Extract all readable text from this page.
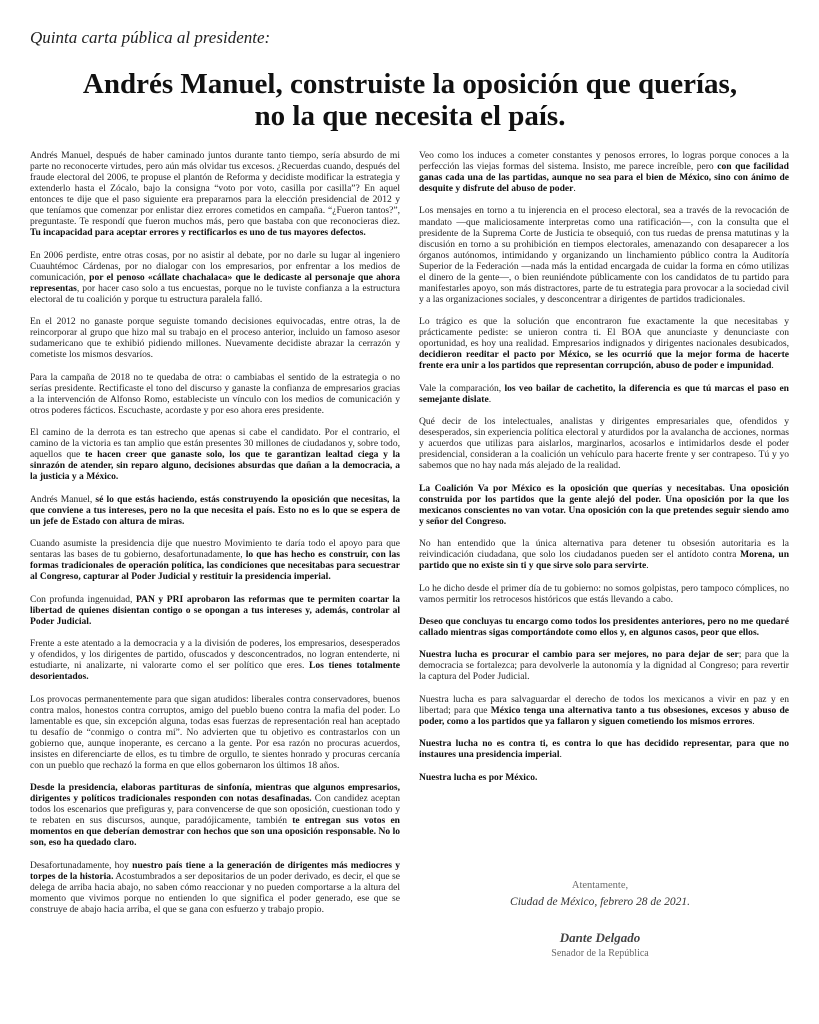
Quinta carta pública al presidente:
Andrés Manuel, construiste la oposición que querías,
no la que necesita el país.

Andrés Manuel, después de haber caminado juntos durante tanto tiempo, sería absurdo de mi parte no reconocerte virtudes, pero aún más olvidar tus excesos. ¿Recuerdas cuando, después del fraude electoral del 2006, te propuse el plantón de Reforma y decidiste modificar la estrategia y extenderlo hasta el Zócalo, bajo la consigna “voto por voto, casilla por casilla”? En aquel entonces te dije que el paso siguiente era prepararnos para la elección presidencial de 2012 y que teníamos que comenzar por enlistar diez errores cometidos en campaña. “¿Fueron tantos?”, preguntaste. Te respondí que fueron muchos más, pero que bastaba con que reconocieras diez. Tu incapacidad para aceptar errores y rectificarlos es uno de tus mayores defectos.

En 2006 perdiste, entre otras cosas, por no asistir al debate, por no darle su lugar al ingeniero Cuauhtémoc Cárdenas, por no dialogar con los empresarios, por enfrentar a los medios de comunicación, por el penoso «cállate chachalaca» que le dedicaste al personaje que ahora representas, por hacer caso solo a tus encuestas, porque no le tuviste confianza a la estructura electoral de tu coalición y porque tu estructura paralela falló.

En el 2012 no ganaste porque seguiste tomando decisiones equivocadas, entre otras, la de reincorporar al grupo que hizo mal su trabajo en el proceso anterior, incluido un famoso asesor sudamericano que te exhibió pidiendo millones. Nuevamente decidiste abrazar la cerrazón y cometiste los mismos desvaríos.

Para la campaña de 2018 no te quedaba de otra: o cambiabas el sentido de la estrategia o no serías presidente. Rectificaste el tono del discurso y ganaste la confianza de empresarios gracias a la intervención de Alfonso Romo, estableciste un vínculo con los medios de comunicación y otros poderes fácticos. Escuchaste, acordaste y por eso ahora eres presidente.

El camino de la derrota es tan estrecho que apenas si cabe el candidato. Por el contrario, el camino de la victoria es tan amplio que están presentes 30 millones de ciudadanos y, sobre todo, aquellos que te hacen creer que ganaste solo, los que te garantizan lealtad ciega y la sinrazón de atender, sin reparo alguno, decisiones absurdas que dañan a la democracia, a la justicia y a México.

Andrés Manuel, sé lo que estás haciendo, estás construyendo la oposición que necesitas, la que conviene a tus intereses, pero no la que necesita el país. Esto no es lo que se espera de un jefe de Estado con altura de miras.

Cuando asumiste la presidencia dije que nuestro Movimiento te daría todo el apoyo para que sentaras las bases de tu gobierno, desafortunadamente, lo que has hecho es construir, con las formas tradicionales de operación política, las condiciones que necesitabas para secuestrar al Congreso, capturar al Poder Judicial y restituir la presidencia imperial.

Con profunda ingenuidad, PAN y PRI aprobaron las reformas que te permiten coartar la libertad de quienes disientan contigo o se opongan a tus intereses y, además, controlar al Poder Judicial.

Frente a este atentado a la democracia y a la división de poderes, los empresarios, desesperados y ofendidos, y los dirigentes de partido, ofuscados y desconcentrados, no logran entenderte, ni estudiarte, ni analizarte, ni valorarte como el ser político que eres. Los tienes totalmente desorientados.

Los provocas permanentemente para que sigan atudidos: liberales contra conservadores, buenos contra malos, honestos contra corruptos, amigo del pueblo bueno contra la mafia del poder. Lo lamentable es que, sin excepción alguna, todas esas fuerzas de representación real han aceptado tu desafío de “conmigo o contra mí”. No advierten que tu objetivo es contrastarlos con un gobierno que, aunque inoperante, es cercano a la gente. Por esa razón no procuras acuerdos, insistes en diferenciarte de ellos, es tu timbre de orgullo, te sientes honrado y procuras cercanía con un pueblo que rechazó la forma en que ellos gobernaron los últimos 18 años.

Desde la presidencia, elaboras partituras de sinfonía, mientras que algunos empresarios, dirigentes y políticos tradicionales responden con notas desafinadas. Con candidez aceptan todos los escenarios que prefiguras y, para convencerse de que son oposición, cuestionan todo y te rebaten en sus discursos, aunque, paradójicamente, también te entregan sus votos en momentos en que deberían demostrar con hechos que son una oposición responsable. No lo son, eso ha quedado claro.

Desafortunadamente, hoy nuestro país tiene a la generación de dirigentes más mediocres y torpes de la historia. Acostumbrados a ser depositarios de un poder derivado, es decir, el que se delega de arriba hacia abajo, no saben cómo reaccionar y no pueden comportarse a la altura del momento que vivimos porque no entienden lo que significa el poder generado, ese que se construye de abajo hacia arriba, el que se gana con esfuerzo y trabajo propio.

Veo como los induces a cometer constantes y penosos errores, lo logras porque conoces a la perfección las viejas formas del sistema. Insisto, me parece increíble, pero con que facilidad ganas cada una de las partidas, aunque no sea para el bien de México, sino con ánimo de desquite y disfrute del abuso de poder.

Los mensajes en torno a tu injerencia en el proceso electoral, sea a través de la revocación de mandato —que maliciosamente interpretas como una ratificación—, con la consulta que el presidente de la Suprema Corte de Justicia te obsequió, con tus ruedas de prensa matutinas y la discusión en torno a su prohibición en tiempos electorales, amenazando con desaparecer a los órganos autónomos, intimidando y organizando un linchamiento público contra la Auditoría Superior de la Federación —nada más la entidad encargada de cuidar la forma en cómo utilizas el dinero de la gente—, o bien reuniéndote públicamente con los candidatos de tu partido para manifestarles apoyo, son más distractores, parte de tu estrategia para provocar a la sociedad civil y a las organizaciones sociales, y desconcentrar a dirigentes de partidos tradicionales.

Lo trágico es que la solución que encontraron fue exactamente la que necesitabas y prácticamente pediste: se unieron contra ti. El BOA que anunciaste y denunciaste con oportunidad, es hoy una realidad. Empresarios indignados y dirigentes nacionales desubicados, decidieron reeditar el pacto por México, se les ocurrió que la mejor forma de hacerte frente era unir a los partidos que representan corrupción, abuso de poder e impunidad.

Vale la comparación, los veo bailar de cachetito, la diferencia es que tú marcas el paso en semejante dislate.

Qué decir de los intelectuales, analistas y dirigentes empresariales que, ofendidos y desesperados, sin experiencia política electoral y aturdidos por la avalancha de acciones, normas y acuerdos que utilizas para aislarlos, marginarlos, acosarlos e intimidarlos desde el poder presidencial, consideran a la coalición un vehículo para hacerte frente y ser contrapeso. Tú y yo sabemos que no hay nada más alejado de la realidad.

La Coalición Va por México es la oposición que querías y necesitabas. Una oposición construida por los partidos que la gente alejó del poder. Una oposición por la que los mexicanos conscientes no van votar. Una oposición con la que pretendes seguir siendo amo y señor del Congreso.

No han entendido que la única alternativa para detener tu obsesión autoritaria es la reivindicación ciudadana, que solo los ciudadanos pueden ser el antídoto contra Morena, un partido que no existe sin ti y que sirve solo para servirte.

Lo he dicho desde el primer día de tu gobierno: no somos golpistas, pero tampoco cómplices, no vamos permitir los retrocesos históricos que estás llevando a cabo.

Deseo que concluyas tu encargo como todos los presidentes anteriores, pero no me quedaré callado mientras sigas comportándote como ellos y, en algunos casos, peor que ellos.

Nuestra lucha es procurar el cambio para ser mejores, no para dejar de ser; para que la democracia se fortalezca; para devolverle la autonomía y la dignidad al Congreso; para revertir la captura del Poder Judicial.

Nuestra lucha es para salvaguardar el derecho de todos los mexicanos a vivir en paz y en libertad; para que México tenga una alternativa tanto a tus obsesiones, excesos y abuso de poder, como a los partidos que ya fallaron y siguen cometiendo los mismos errores.

Nuestra lucha no es contra ti, es contra lo que has decidido representar, para que no instaures una presidencia imperial.

Nuestra lucha es por México.

Atentamente,

Ciudad de México, febrero 28 de 2021.

Dante Delgado

Senador de la República
